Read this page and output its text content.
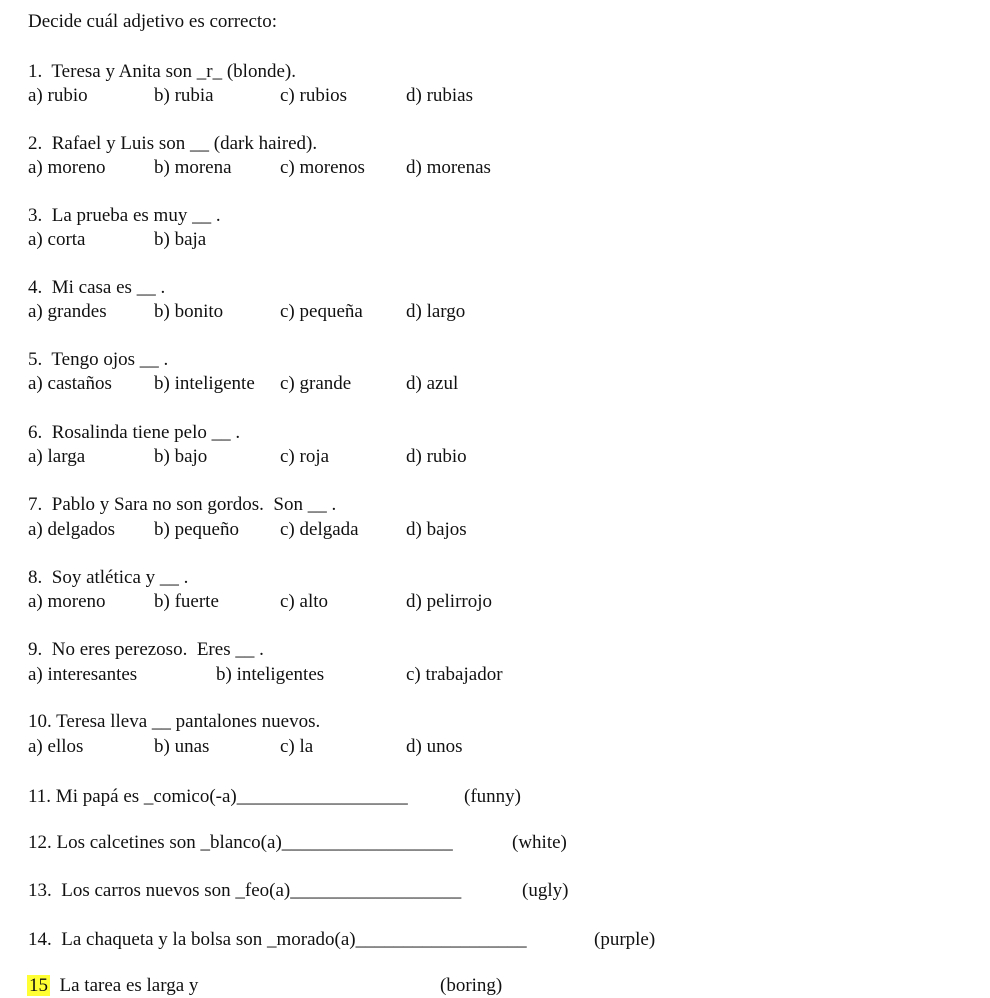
Decide cuál adjetivo es correcto:
1.  Teresa y Anita son _r_ (blonde).
a) rubio	b) rubia	c) rubios	d) rubias
2.  Rafael y Luis son __ (dark haired).
a) moreno	b) morena	c) morenos d) morenas
3.  La prueba es muy __ .
a) corta	b) baja
4.  Mi casa es __ .
a) grandes b) bonito	c) pequeña d) largo
5.  Tengo ojos __ .
a) castaños b) inteligente c) grande	d) azul
6.  Rosalinda tiene pelo __ .
a) larga	b) bajo	c) roja	d) rubio
7.  Pablo y Sara no son gordos.  Son __ .
a) delgados b) pequeño c) delgada d) bajos
8.  Soy atlética y __ .
a) moreno	b) fuerte	c) alto	d) pelirrojo
9.  No eres perezoso.  Eres __ .
a) interesantes	b) inteligentes	c) trabajador
10. Teresa lleva __ pantalones nuevos.
a) ellos	b) unas	c) la	d) unos
11. Mi papá es _comico(-a)__________________	(funny)
12. Los calcetines son _blanco(a)__________________	(white)
13.  Los carros nuevos son _feo(a)__________________	(ugly)
14.  La chaqueta y la bolsa son _morado(a)__________________	(purple)
15  La tarea es larga y	(boring)
